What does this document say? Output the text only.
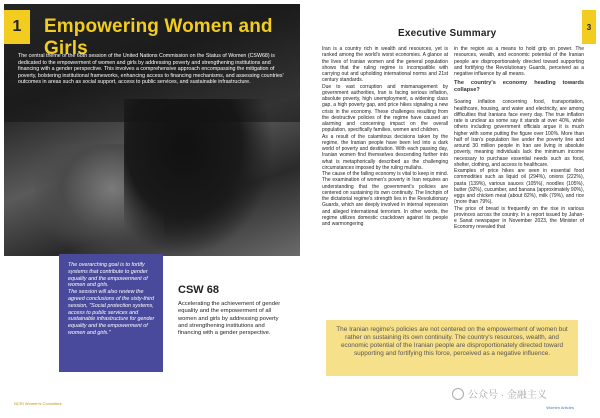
1	Empowering Women and Girls
The central theme of the 68th session of the United Nations Commission on the Status of Women (CSW68) is dedicated to the empowerment of women and girls by addressing poverty and strengthening institutions and financing with a gender perspective. This involves a comprehensive approach encompassing the mitigation of poverty, bolstering institutional frameworks, enhancing access to financing mechanisms, and assessing countries' outcomes in areas such as social support, access to public services, and sustainable infrastructure.

The overarching goal is to fortify systems that contribute to gender equality and the empowerment of women and girls.

The session will also review the agreed conclusions of the sixty-third session, "Social protection systems, access to public services and sustainable infrastructure for gender equality and the empowerment of women and girls."

CSW 68
Accelerating the achievement of gender equality and the empowerment of all women and girls by addressing poverty and strengthening institutions and financing with a gender perspective.
NCRI Women's Committee
3
Executive Summary

Iran is a country rich in wealth and resources, yet is ranked among the world's worst economies. A glance at the lives of Iranian women and the general population shows that the ruling regime is incompatible with carrying out and upholding international norms and 21st century standards.

Due to vast corruption and mismanagement by government authorities, Iran is facing serious inflation, absolute poverty, high unemployment, a widening class gap, a high poverty gap, and price hikes signaling a new crisis in the economy. These challenges resulting from the destructive policies of the regime have caused an alarming and concerning impact on the overall population, specifically families, women and children.

As a result of the calamitous decisions taken by the regime, the Iranian people have been led into a dark world of poverty and destitution. With each passing day, Iranian women find themselves descending further into what is metaphorically described as the challenging circumstances imposed by the ruling mullahs.

The cause of the failing economy is vital to keep in mind. The examination of women's poverty in Iran requires an understanding that the government's policies are centered on sustaining its own continuity. The linchpin of the dictatorial regime's strength lies in the Revolutionary Guards, which are deeply involved in internal repression and alleged international terrorism. In other words, the regime utilizes domestic crackdown against its people and warmongering

in the region as a means to hold grip on power. The resources, wealth, and economic potential of the Iranian people are disproportionately directed toward supporting and fortifying the Revolutionary Guards, perceived as a negative influence by all means.

The country's economy heading towards collapse?

Soaring inflation concerning food, transportation, healthcare, housing, and water and electricity, are among difficulties that Iranians face every day. The true inflation rate is unclear as some say it stands at over 40%, while others including government officials argue it is much higher with some putting the figure over 100%. More than half of Iran's population live under the poverty line and around 30 million people in Iran are living in absolute poverty, meaning individuals lack the minimum income necessary to purchase essential needs such as food, shelter, clothing, and access to healthcare.

Examples of price hikes are seen in essential food commodities such as liquid oil (294%), onions (222%), pasta (139%), various sauces (105%), noodles (105%), butter (92%), cucumber, and banana (approximately 90%), eggs and chicken meat (about 82%), milk (79%), and rice (more than 79%).

The price of bread is frequently on the rise in various provinces across the country. In a report issued by Jahan-e Sanat newspaper in November 2023, the Minister of Economy revealed that

The Iranian regime's policies are not centered on the empowerment of women but rather on sustaining its own continuity. The country's resources, wealth, and economic potential of the Iranian people are disproportionately directed toward supporting and fortifying this force, perceived as a negative influence.

Women Articles
公众号 · 金融主义
